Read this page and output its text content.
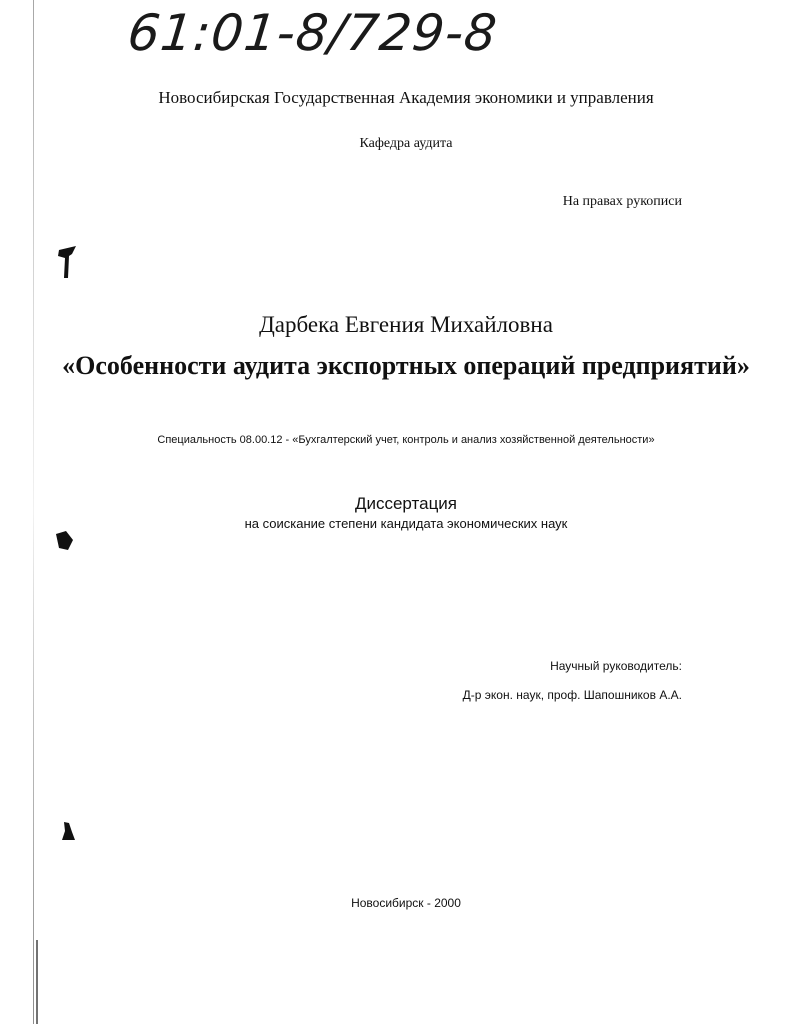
61:01-8/729-8
Новосибирская Государственная Академия экономики и управления
Кафедра аудита
На правах рукописи
Дарбека Евгения Михайловна
«Особенности аудита экспортных операций предприятий»
Специальность 08.00.12 - «Бухгалтерский учет, контроль и анализ хозяйственной деятельности»
Диссертация
на соискание степени кандидата экономических наук
Научный руководитель:
Д-р экон. наук, проф. Шапошников А.А.
Новосибирск - 2000
